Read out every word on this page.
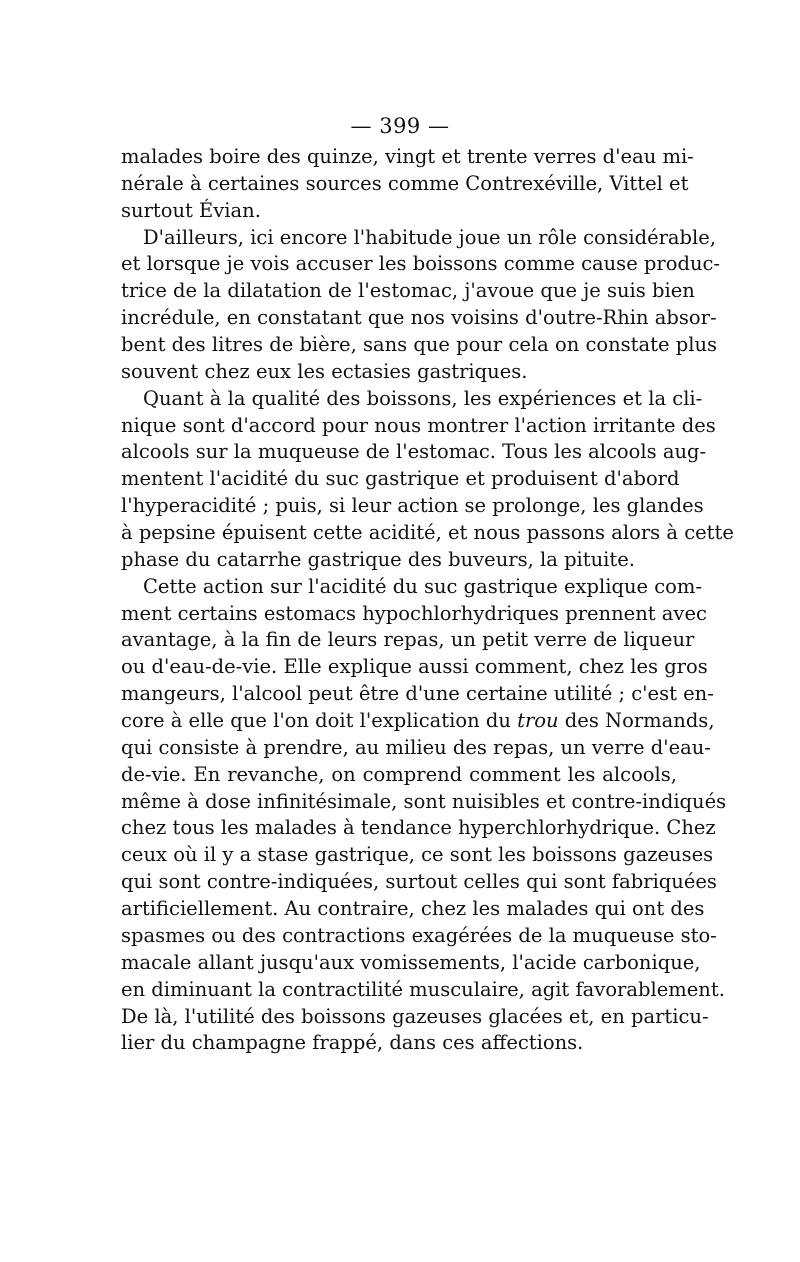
— 399 —
malades boire des quinze, vingt et trente verres d'eau mi-
nérale à certaines sources comme Contrexéville, Vittel et
surtout Évian.
D'ailleurs, ici encore l'habitude joue un rôle considérable,
et lorsque je vois accuser les boissons comme cause produc-
trice de la dilatation de l'estomac, j'avoue que je suis bien
incrédule, en constatant que nos voisins d'outre-Rhin absor-
bent des litres de bière, sans que pour cela on constate plus
souvent chez eux les ectasies gastriques.
Quant à la qualité des boissons, les expériences et la cli-
nique sont d'accord pour nous montrer l'action irritante des
alcools sur la muqueuse de l'estomac. Tous les alcools aug-
mentent l'acidité du suc gastrique et produisent d'abord
l'hyperacidité ; puis, si leur action se prolonge, les glandes
à pepsine épuisent cette acidité, et nous passons alors à cette
phase du catarrhe gastrique des buveurs, la pituite.
Cette action sur l'acidité du suc gastrique explique com-
ment certains estomacs hypochlorhydriques prennent avec
avantage, à la fin de leurs repas, un petit verre de liqueur
ou d'eau-de-vie. Elle explique aussi comment, chez les gros
mangeurs, l'alcool peut être d'une certaine utilité ; c'est en-
core à elle que l'on doit l'explication du trou des Normands,
qui consiste à prendre, au milieu des repas, un verre d'eau-
de-vie. En revanche, on comprend comment les alcools,
même à dose infinitésimale, sont nuisibles et contre-indiqués
chez tous les malades à tendance hyperchlorhydrique. Chez
ceux où il y a stase gastrique, ce sont les boissons gazeuses
qui sont contre-indiquées, surtout celles qui sont fabriquées
artificiellement. Au contraire, chez les malades qui ont des
spasmes ou des contractions exagérées de la muqueuse sto-
macale allant jusqu'aux vomissements, l'acide carbonique,
en diminuant la contractilité musculaire, agit favorablement.
De là, l'utilité des boissons gazeuses glacées et, en particu-
lier du champagne frappé, dans ces affections.
